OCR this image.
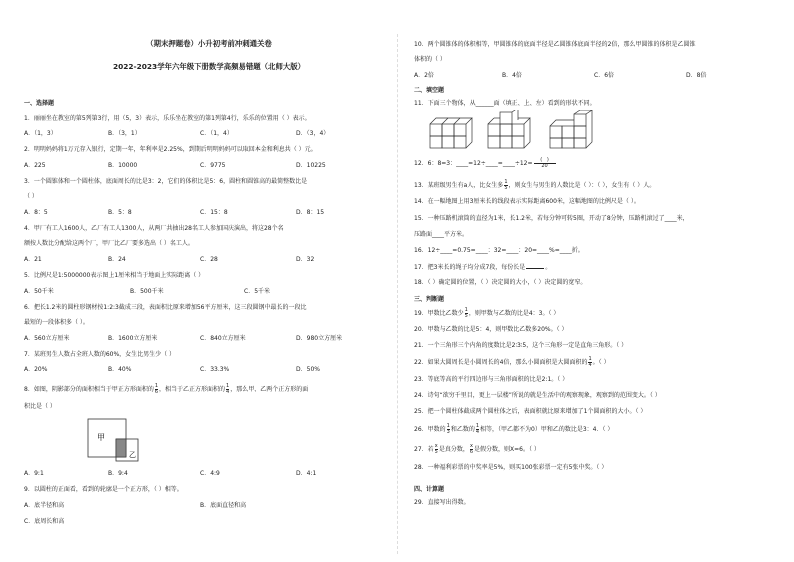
（期末押题卷）小升初考前冲刺通关卷
2022-2023学年六年级下册数学高频易错题（北师大版）
一、选择题
1．丽丽坐在教室的第5列第3行，用（5，3）表示，乐乐坐在教室的第1列第4行，乐乐的位置用（ ）表示。
A．（1，3）	B．（3，1）	C．（1，4）	D．（3，4）
2．明明妈妈将1万元存入银行，定期一年，年利率是2.25%，到期后明明妈妈可以取回本金和利息共（ ）元。
A．225	B．10000	C．9775	D．10225
3．一个圆锥体和一个圆柱体，底面周长的比是3：2，它们的体积比是5：6，圆柱和圆锥高的最简整数比是
（ ）
A．8：5	B．5：8	C．15：8	D．8：15
4．甲厂有工人1600人，乙厂有工人1300人，从两厂共抽出28名工人参加国庆演出，将这28个名
额按人数比分配给这两个厂，甲厂比乙厂要多选出（ ）名工人。
A．21	B．24	C．28	D．32
5．比例尺是1:5000000表示图上1厘米相当于地面上实际距离（ ）
A．50千米	B．500千米	C．5千米
6．把长1.2米的圆柱形钢材按1:2:3截成三段，表面积比原来增加56平方厘米，这三段圆钢中最长的一段比
最短的一段体积多（ ）。
A．560立方厘米	B．1600立方厘米	C．840立方厘米	D．980立方厘米
7．某班男生人数占全班人数的60%，女生比男生少（ ）
A．20%	B．40%	C．33.3%	D．50%
8．如图，阴影部分的面积相当于甲正方形面积的 $\frac{1}{6}$ ，相当于乙正方形面积的 $\frac{1}{4}$ ，那么甲、乙两个正方形的面
积比是（ ）
甲
乙
A．9:1	B．9:4	C．4:9	D．4:1
9．以圆柱的正面看，看到的轮廓是一个正方形，（ ）相等。
A．底半径和高	B．底面直径和高
C．底周长和高
10．两个圆锥体的体积相等，甲圆锥体的底面半径是乙圆锥体底面半径的2倍，那么甲圆锥的体积是乙圆锥
体积的（ ）
A．2倍	B．4倍	C．6倍	D．8倍
二、填空题
11．下面三个物体，从______面（填正、上、左）看到的形状不同。
12．6：8=3：____=12÷____=____÷12=	​(   )
20
13．某班级男生有a人，比女生多 $\frac{1}{5}$ ，则女生与男生的人数比是（ ）：（ ），女生有（ ）人。
14．在一幅地图上用3厘米长的线段表示实际距离600米，这幅地图的比例尺是（ ）。
15．一种压路机滚筒的直径为1米，长1.2米，若每分钟可转5圈，开动了8分钟，压路机滚过了____米，
压路面____平方米。
16．12÷____=0.75=____：32=____：20=____%=____折。
17．把3米长的绳子均分成7段，每份长是	。
18．（ ）确定圆的位置，（ ）决定圆的大小，（ ）决定圆的宽窄。
三、判断题
19．甲数比乙数少 $\frac{1}{5}$ ，则甲数与乙数的比是4：3。（ ）
20．甲数与乙数的比是5：4，则甲数比乙数多20%。（ ）
21．一个三角形三个内角的度数比是2∶3∶5，这个三角形一定是直角三角形。（ ）
22．如果大圆周长是小圆周长的4倍，那么小圆面积是大圆面积的 $\frac{1}{4}$ 。（ ）
23．等底等高的平行四边形与三角形面积的比是2:1。（ ）
24．诗句“欲穷千里目，更上一层楼”所说的就是生活中的观察现象，观察到的范围变大。（ ）
25．把一个圆柱体截成两个圆柱体之后，表面积就比原来增加了1个圆面积的大小。（ ）
26．甲数的 $\frac{1}{3}$ 和乙数的 $\frac{1}{4}$ 相等，（甲乙都不为0）甲和乙的数比是3：4．（ ）
27．若 $\frac{x}{5}$ 是真分数， $\frac{x}{6}$ 是假分数，则X=6。（ ）
28．一种福利彩票的中奖率是5%，则买100张彩票一定有5张中奖。（ ）
四、计算题
29．直接写出得数。
